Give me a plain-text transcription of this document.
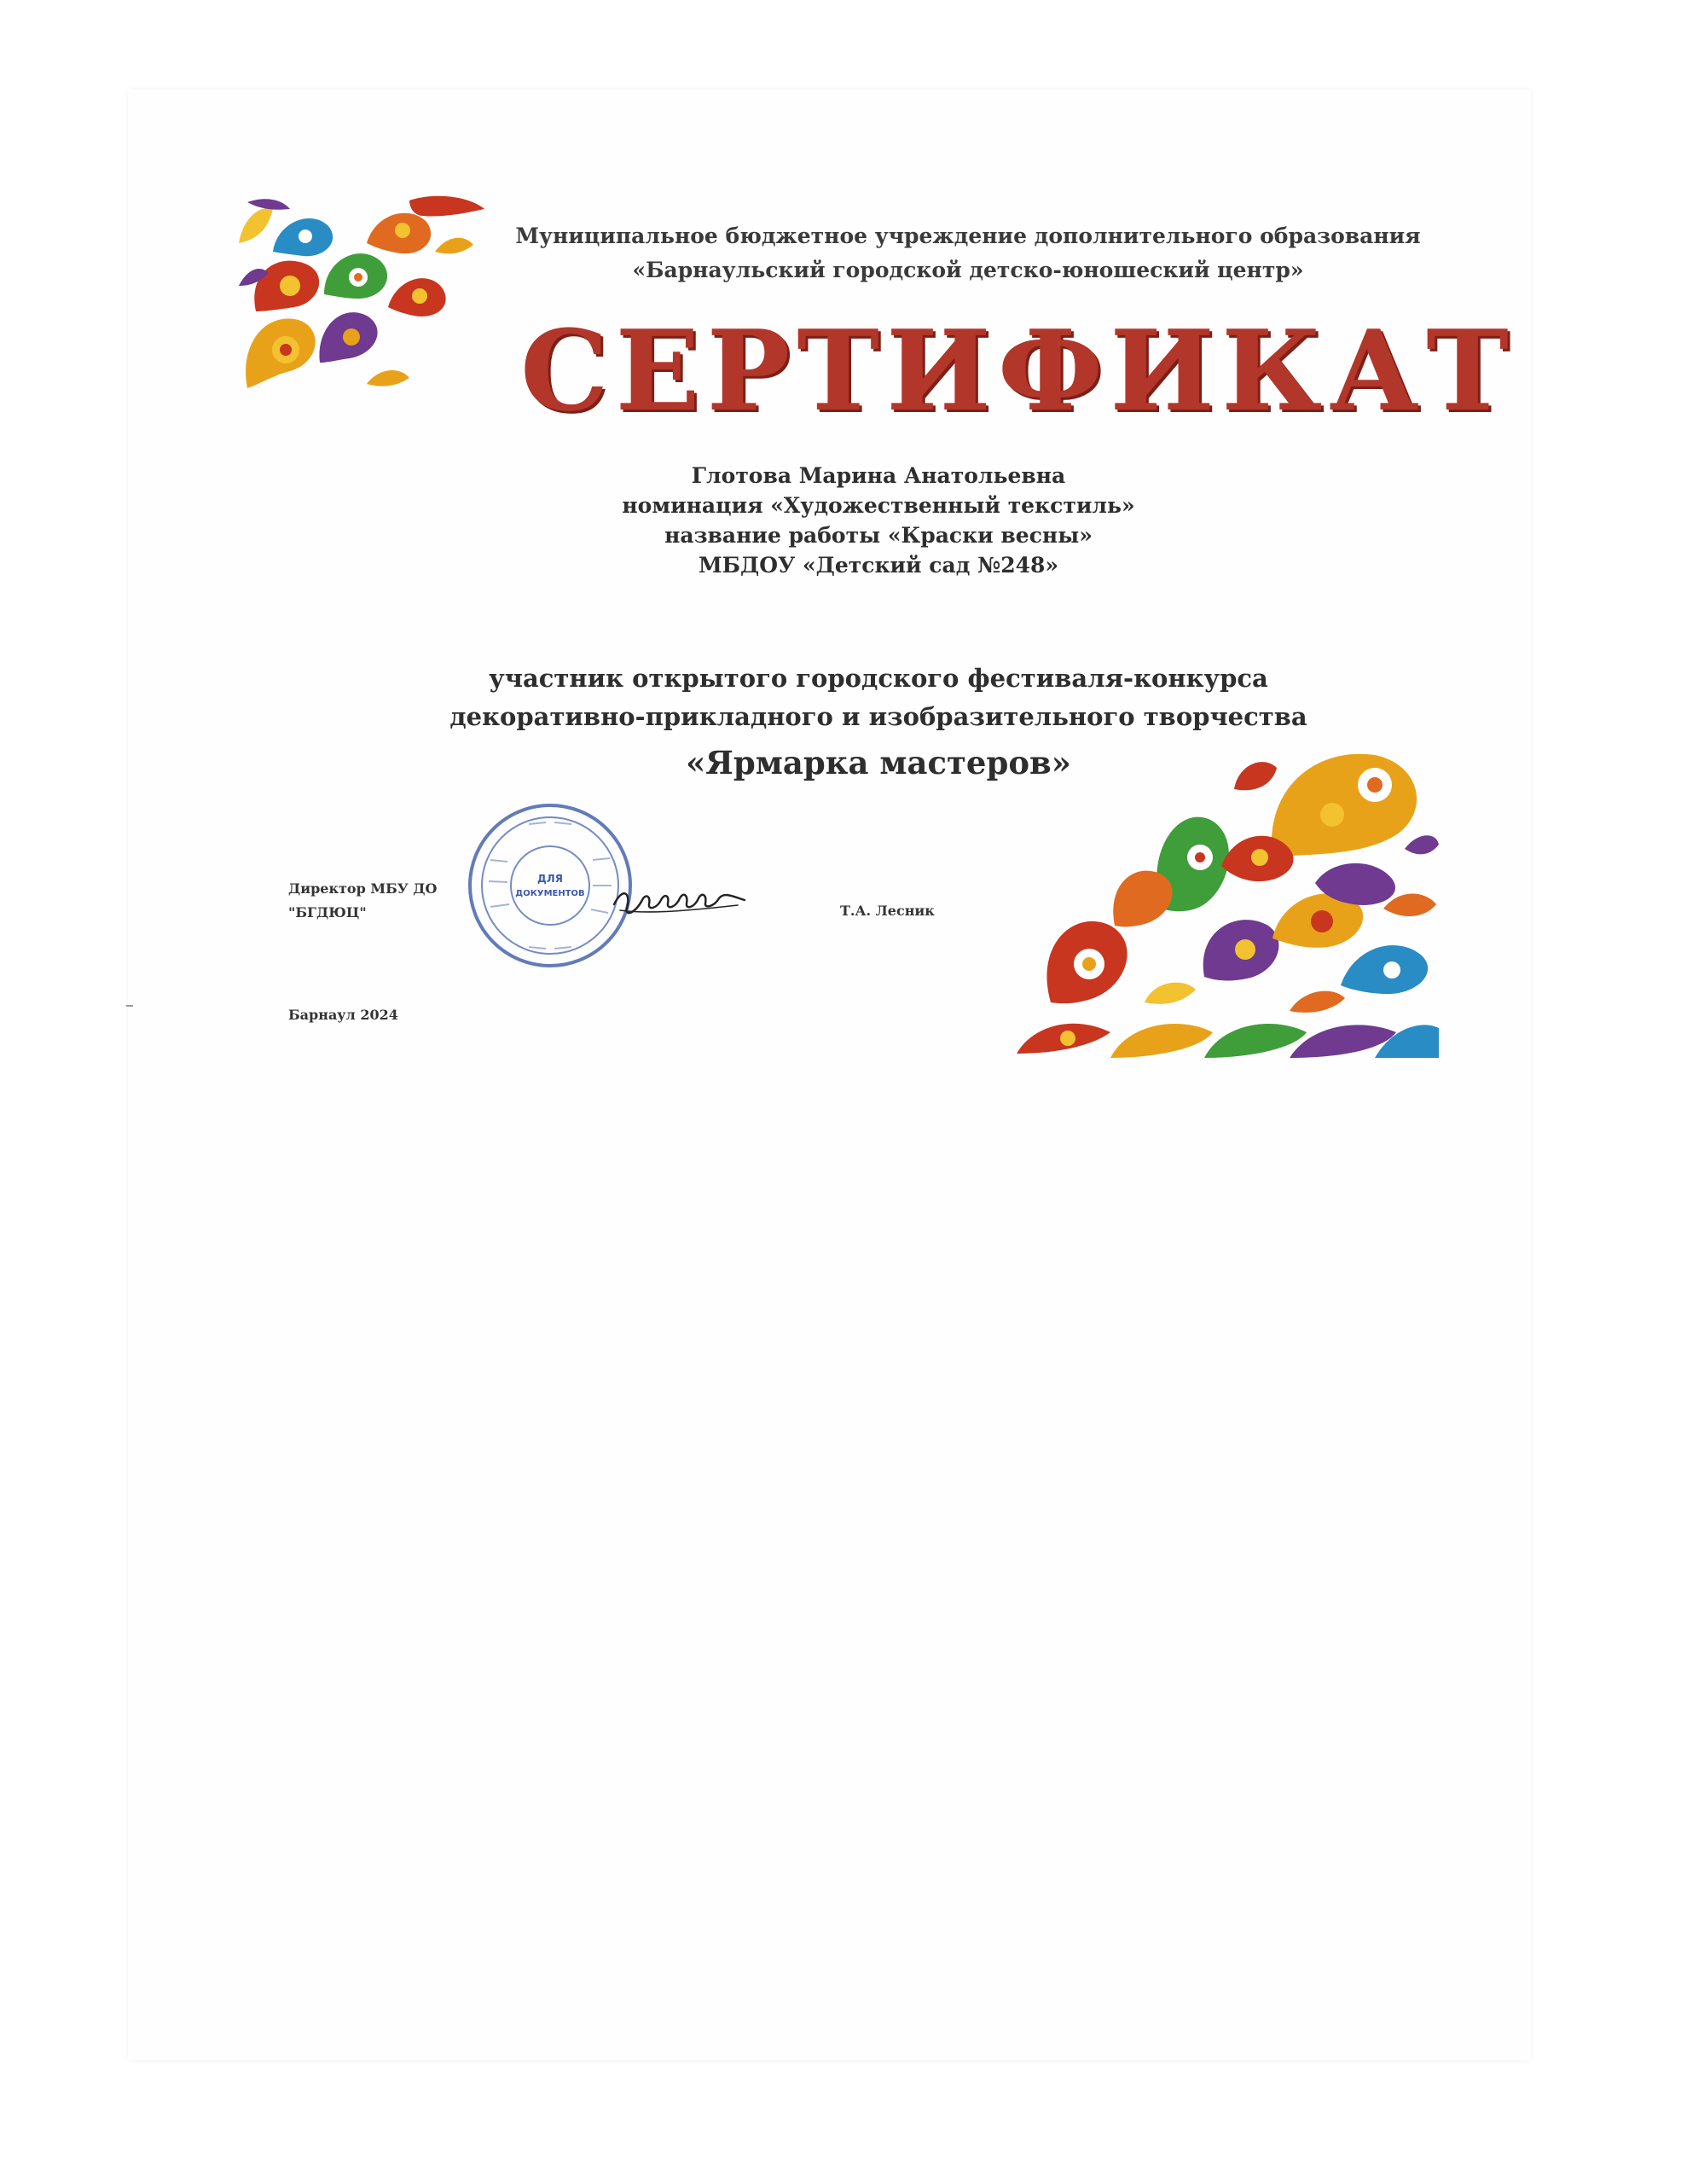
Муниципальное бюджетное учреждение дополнительного образования
«Барнаульский городской детско-юношеский центр»
СЕРТИФИКАТ
Глотова Марина Анатольевна
номинация «Художественный текстиль»
название работы «Краски весны»
МБДОУ «Детский сад №248»
участник открытого городского фестиваля-конкурса
декоративно-прикладного и изобразительного творчества
«Ярмарка мастеров»
Директор МБУ ДО
"БГДЮЦ"	Т.А. Лесник
ДЛЯ
ДОКУМЕНТОВ
Барнаул 2024
